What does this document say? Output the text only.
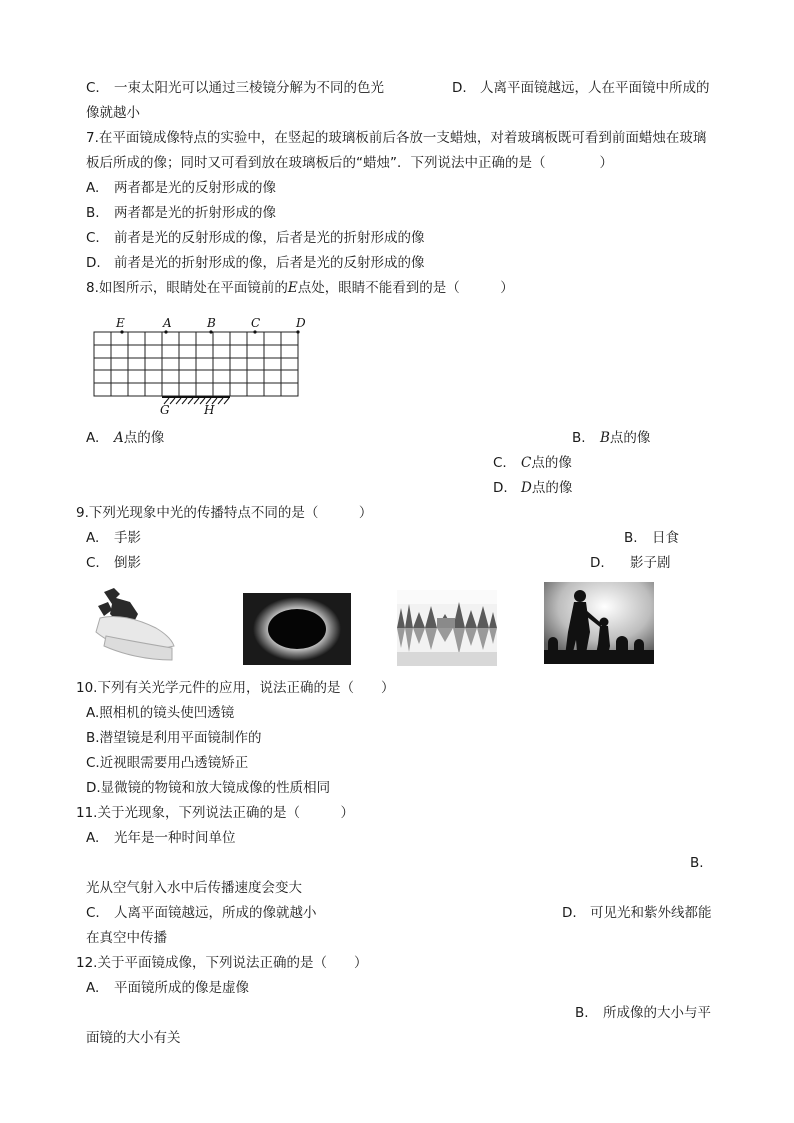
C. 一束太阳光可以通过三棱镜分解为不同的色光	D. 人离平面镜越远，人在平面镜中所成的
像就越小
7.在平面镜成像特点的实验中，在竖起的玻璃板前后各放一支蜡烛，对着玻璃板既可看到前面蜡烛在玻璃
板后所成的像；同时又可看到放在玻璃板后的“蜡烛”．下列说法中正确的是（　　　　）
A. 两者都是光的反射形成的像
B. 两者都是光的折射形成的像
C. 前者是光的反射形成的像，后者是光的折射形成的像
D. 前者是光的折射形成的像，后者是光的反射形成的像
8.如图所示，眼睛处在平面镜前的E点处，眼睛不能看到的是（　　　）
E	A	B	C	D
G	H
A. A点的像	B. B点的像
C. C点的像
D. D点的像
9.下列光现象中光的传播特点不同的是（　　　）
A. 手影	B. 日食
C. 倒影	D. 影子剧
10.下列有关光学元件的应用，说法正确的是（　　）
A.照相机的镜头使凹透镜
B.潜望镜是利用平面镜制作的
C.近视眼需要用凸透镜矫正
D.显微镜的物镜和放大镜成像的性质相同
11.关于光现象，下列说法正确的是（　　　）
A. 光年是一种时间单位
B.
光从空气射入水中后传播速度会变大
C. 人离平面镜越远，所成的像就越小	D. 可见光和紫外线都能
在真空中传播
12.关于平面镜成像，下列说法正确的是（　　）
A. 平面镜所成的像是虚像
B. 所成像的大小与平
面镜的大小有关
